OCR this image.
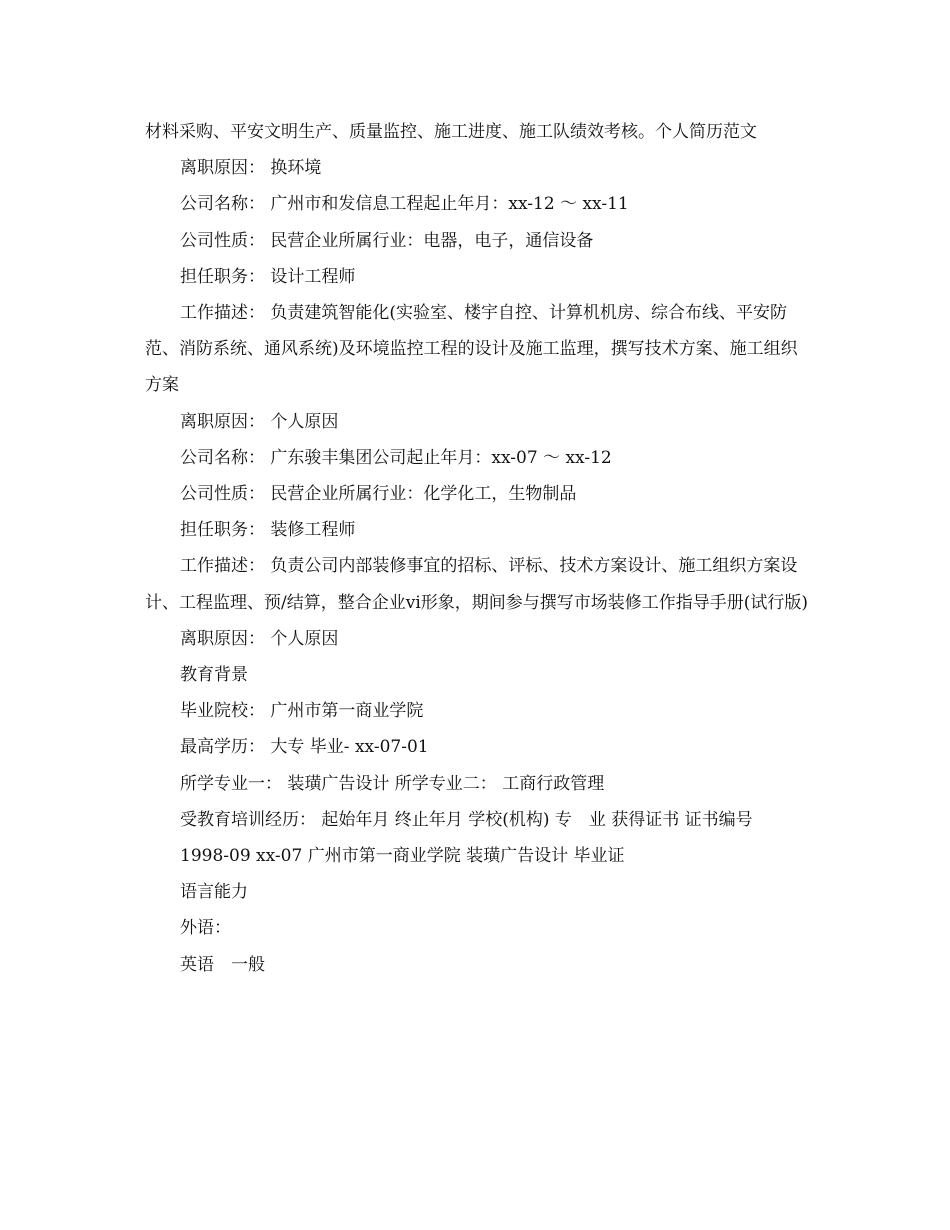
材料采购、平安文明生产、质量监控、施工进度、施工队绩效考核。个人简历范文

离职原因： 换环境

公司名称： 广州市和发信息工程起止年月：xx-12 ～ xx-11

公司性质： 民营企业所属行业：电器，电子，通信设备

担任职务： 设计工程师

工作描述： 负责建筑智能化(实验室、楼宇自控、计算机机房、综合布线、平安防范、消防系统、通风系统)及环境监控工程的设计及施工监理，撰写技术方案、施工组织方案

离职原因： 个人原因

公司名称： 广东骏丰集团公司起止年月：xx-07 ～ xx-12

公司性质： 民营企业所属行业：化学化工，生物制品

担任职务： 装修工程师

工作描述： 负责公司内部装修事宜的招标、评标、技术方案设计、施工组织方案设计、工程监理、预/结算，整合企业vi形象，期间参与撰写市场装修工作指导手册(试行版)

离职原因： 个人原因

教育背景

毕业院校： 广州市第一商业学院

最高学历： 大专 毕业- xx-07-01

所学专业一： 装璜广告设计 所学专业二： 工商行政管理

受教育培训经历： 起始年月 终止年月 学校(机构) 专　业 获得证书 证书编号

1998-09 xx-07 广州市第一商业学院 装璜广告设计 毕业证

语言能力

外语：

英语　一般
